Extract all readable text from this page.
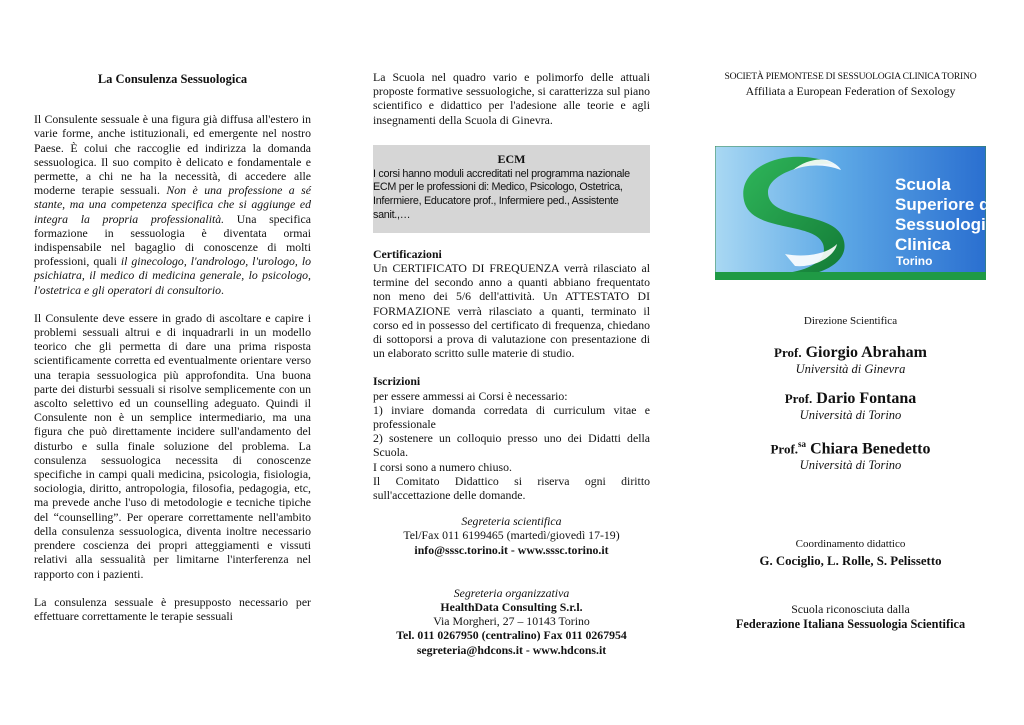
La Consulenza Sessuologica

Il Consulente sessuale è una figura già diffusa all'estero in varie forme, anche istituzionali, ed emergente nel nostro Paese. È colui che raccoglie ed indirizza la domanda sessuologica. Il suo compito è delicato e fondamentale e permette, a chi ne ha la necessità, di accedere alle moderne terapie sessuali. Non è una professione a sé stante, ma una competenza specifica che si aggiunge ed integra la propria professionalità. Una specifica formazione in sessuologia è diventata ormai indispensabile nel bagaglio di conoscenze di molti professioni, quali il ginecologo, l'andrologo, l'urologo, lo psichiatra, il medico di medicina generale, lo psicologo, l'ostetrica e gli operatori di consultorio.

Il Consulente deve essere in grado di ascoltare e capire i problemi sessuali altrui e di inquadrarli in un modello teorico che gli permetta di dare una prima risposta scientificamente corretta ed eventualmente orientare verso una terapia sessuologica più approfondita. Una buona parte dei disturbi sessuali si risolve semplicemente con un ascolto selettivo ed un counselling adeguato. Quindi il Consulente non è un semplice intermediario, ma una figura che può direttamente incidere sull'andamento del disturbo e sulla finale soluzione del problema. La consulenza sessuologica necessita di conoscenze specifiche in campi quali medicina, psicologia, fisiologia, sociologia, diritto, antropologia, filosofia, pedagogia, etc, ma prevede anche l'uso di metodologie e tecniche tipiche del “counselling”. Per operare correttamente nell'ambito della consulenza sessuologica, diventa inoltre necessario prendere coscienza dei propri atteggiamenti e vissuti relativi alla sessualità per limitarne l'interferenza nel rapporto con i pazienti.

La consulenza sessuale è presupposto necessario per effettuare correttamente le terapie sessuali

La Scuola nel quadro vario e polimorfo delle attuali proposte formative sessuologiche, si caratterizza sul piano scientifico e didattico per l'adesione alle teorie e agli insegnamenti della Scuola di Ginevra.

ECM
I corsi hanno moduli accreditati nel programma nazionale ECM per le professioni di: Medico, Psicologo, Ostetrica, Infermiere, Educatore prof., Infermiere ped., Assistente sanit.,…

Certificazioni

Un CERTIFICATO DI FREQUENZA verrà rilasciato al termine del secondo anno a quanti abbiano frequentato non meno dei 5/6 dell'attività. Un ATTESTATO DI FORMAZIONE verrà rilasciato a quanti, terminato il corso ed in possesso del certificato di frequenza, chiedano di sottoporsi a prova di valutazione con presentazione di un elaborato scritto sulle materie di studio.

Iscrizioni

per essere ammessi ai Corsi è necessario:
1) inviare domanda corredata di curriculum vitae e professionale
2) sostenere un colloquio presso uno dei Didatti della Scuola.
I corsi sono a numero chiuso.
Il Comitato Didattico si riserva ogni diritto sull'accettazione delle domande.
Segreteria scientifica
Tel/Fax 011 6199465 (martedì/giovedì 17-19)
info@sssc.torino.it - www.sssc.torino.it
Segreteria organizzativa
HealthData Consulting S.r.l.
Via Morgheri, 27 – 10143 Torino
Tel. 011 0267950 (centralino) Fax 011 0267954
segreteria@hdcons.it - www.hdcons.it
SOCIETÀ PIEMONTESE DI SESSUOLOGIA CLINICA TORINO
Affiliata a European Federation of Sexology
Scuola
Superiore di
Sessuologia
Clinica
Torino
Direzione Scientifica
Prof. Giorgio Abraham
Università di Ginevra
Prof. Dario Fontana
Università di Torino
Prof.$^{sa}$ Chiara Benedetto
Università di Torino
Coordinamento didattico
G. Cociglio, L. Rolle, S. Pelissetto
Scuola riconosciuta dalla
Federazione Italiana Sessuologia Scientifica
